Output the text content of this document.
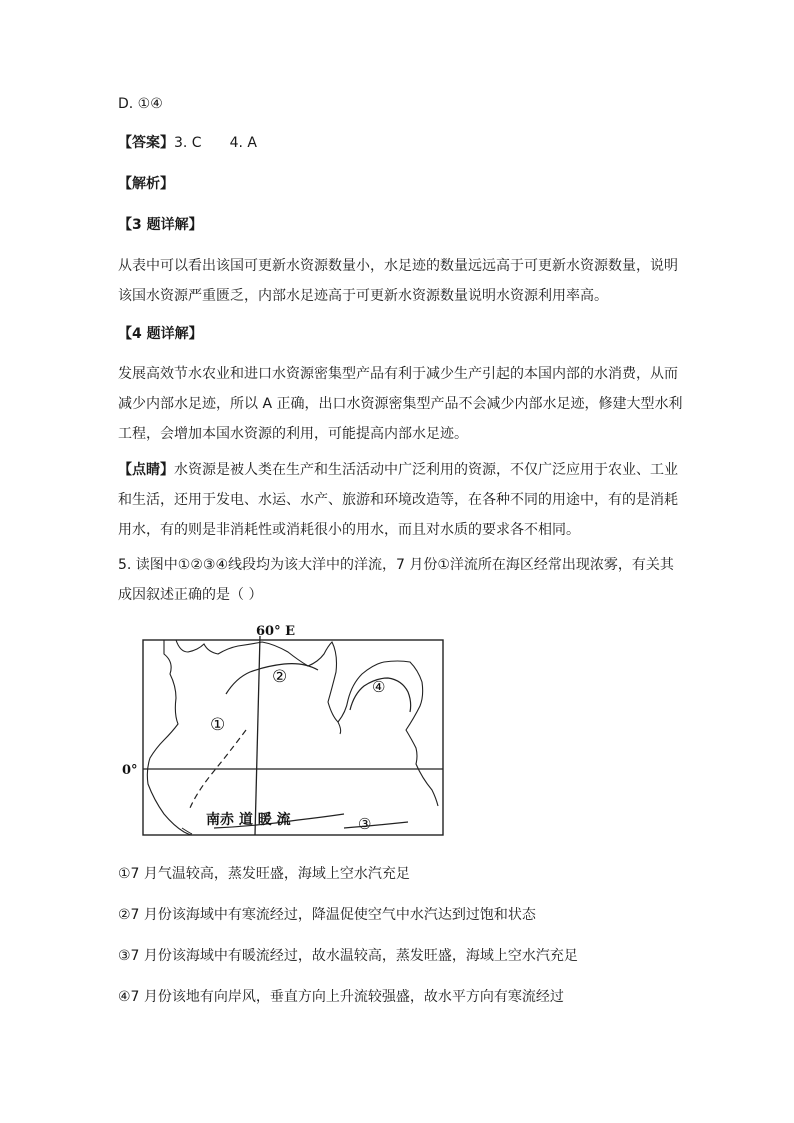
D. ①④
【答案】3. C 4. A
【解析】
【3 题详解】
从表中可以看出该国可更新水资源数量小，水足迹的数量远远高于可更新水资源数量，说明
该国水资源严重匮乏，内部水足迹高于可更新水资源数量说明水资源利用率高。
【4 题详解】
发展高效节水农业和进口水资源密集型产品有利于减少生产引起的本国内部的水消费，从而
减少内部水足迹，所以 A 正确，出口水资源密集型产品不会减少内部水足迹，修建大型水利
工程，会增加本国水资源的利用，可能提高内部水足迹。
【点睛】水资源是被人类在生产和生活活动中广泛利用的资源，不仅广泛应用于农业、工业
和生活，还用于发电、水运、水产、旅游和环境改造等，在各种不同的用途中，有的是消耗
用水，有的则是非消耗性或消耗很小的用水，而且对水质的要求各不相同。
5. 读图中①②③④线段均为该大洋中的洋流，7 月份①洋流所在海区经常出现浓雾，有关其
成因叙述正确的是（ ）
60° E
0°
①
②
③
④
南赤 道 暖 流
①7 月气温较高，蒸发旺盛，海域上空水汽充足
②7 月份该海域中有寒流经过，降温促使空气中水汽达到过饱和状态
③7 月份该海域中有暖流经过，故水温较高，蒸发旺盛，海域上空水汽充足
④7 月份该地有向岸风，垂直方向上升流较强盛，故水平方向有寒流经过
